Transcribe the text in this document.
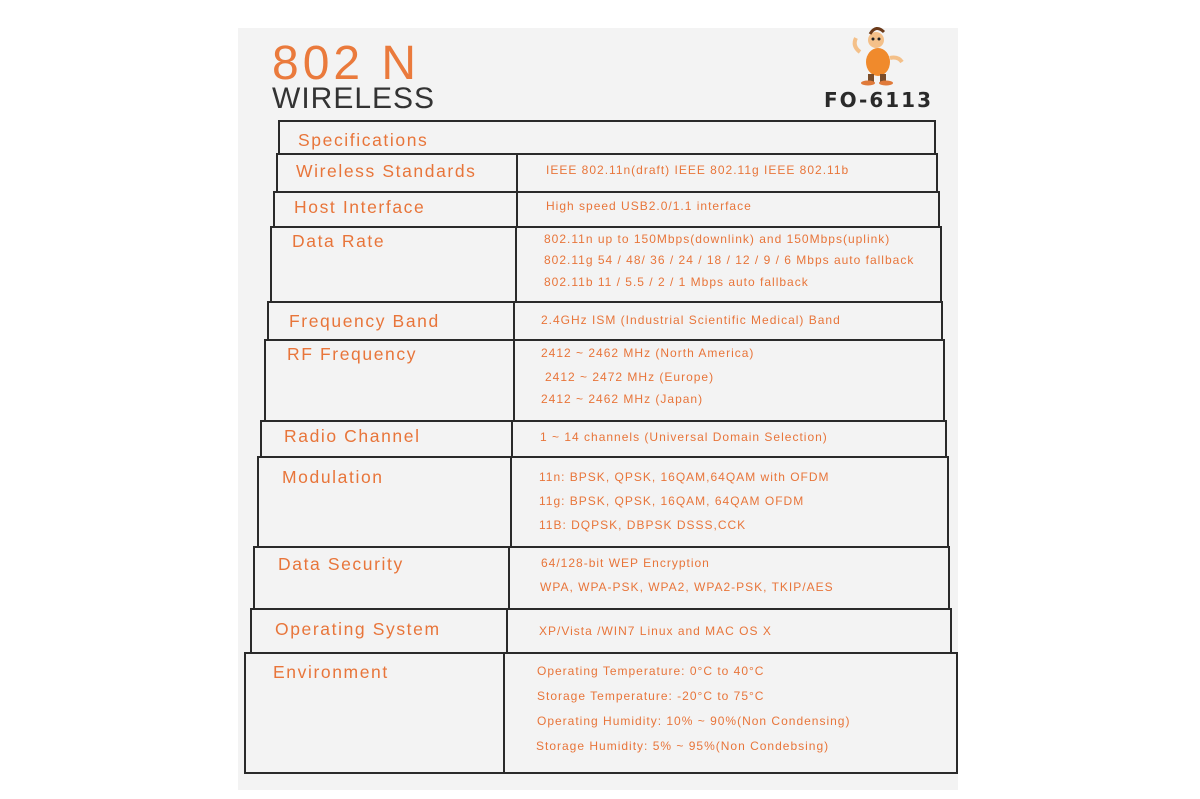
802 N
WIRELESS	FO-6113
Specifications
Wireless Standards	IEEE 802.11n(draft) IEEE 802.11g IEEE 802.11b
Host Interface	High speed USB2.0/1.1 interface
Data Rate	802.11n up to 150Mbps(downlink) and 150Mbps(uplink)
802.11g 54 / 48/ 36 / 24 / 18 / 12 / 9 / 6 Mbps auto fallback
802.11b 11 / 5.5 / 2 / 1 Mbps auto fallback
Frequency Band	2.4GHz ISM (Industrial Scientific Medical) Band
RF Frequency	2412 ~ 2462 MHz (North America)
2412 ~ 2472 MHz (Europe)
2412 ~ 2462 MHz (Japan)
Radio Channel	1 ~ 14 channels (Universal Domain Selection)
Modulation	11n: BPSK, QPSK, 16QAM,64QAM with OFDM
11g: BPSK, QPSK, 16QAM, 64QAM OFDM
11B: DQPSK, DBPSK DSSS,CCK
Data Security	64/128-bit WEP Encryption
WPA, WPA-PSK, WPA2, WPA2-PSK, TKIP/AES
Operating System	XP/Vista /WIN7 Linux and MAC OS X
Environment	Operating Temperature: 0°C to 40°C
Storage Temperature: -20°C to 75°C
Operating Humidity: 10% ~ 90%(Non Condensing)
Storage Humidity: 5% ~ 95%(Non Condebsing)
